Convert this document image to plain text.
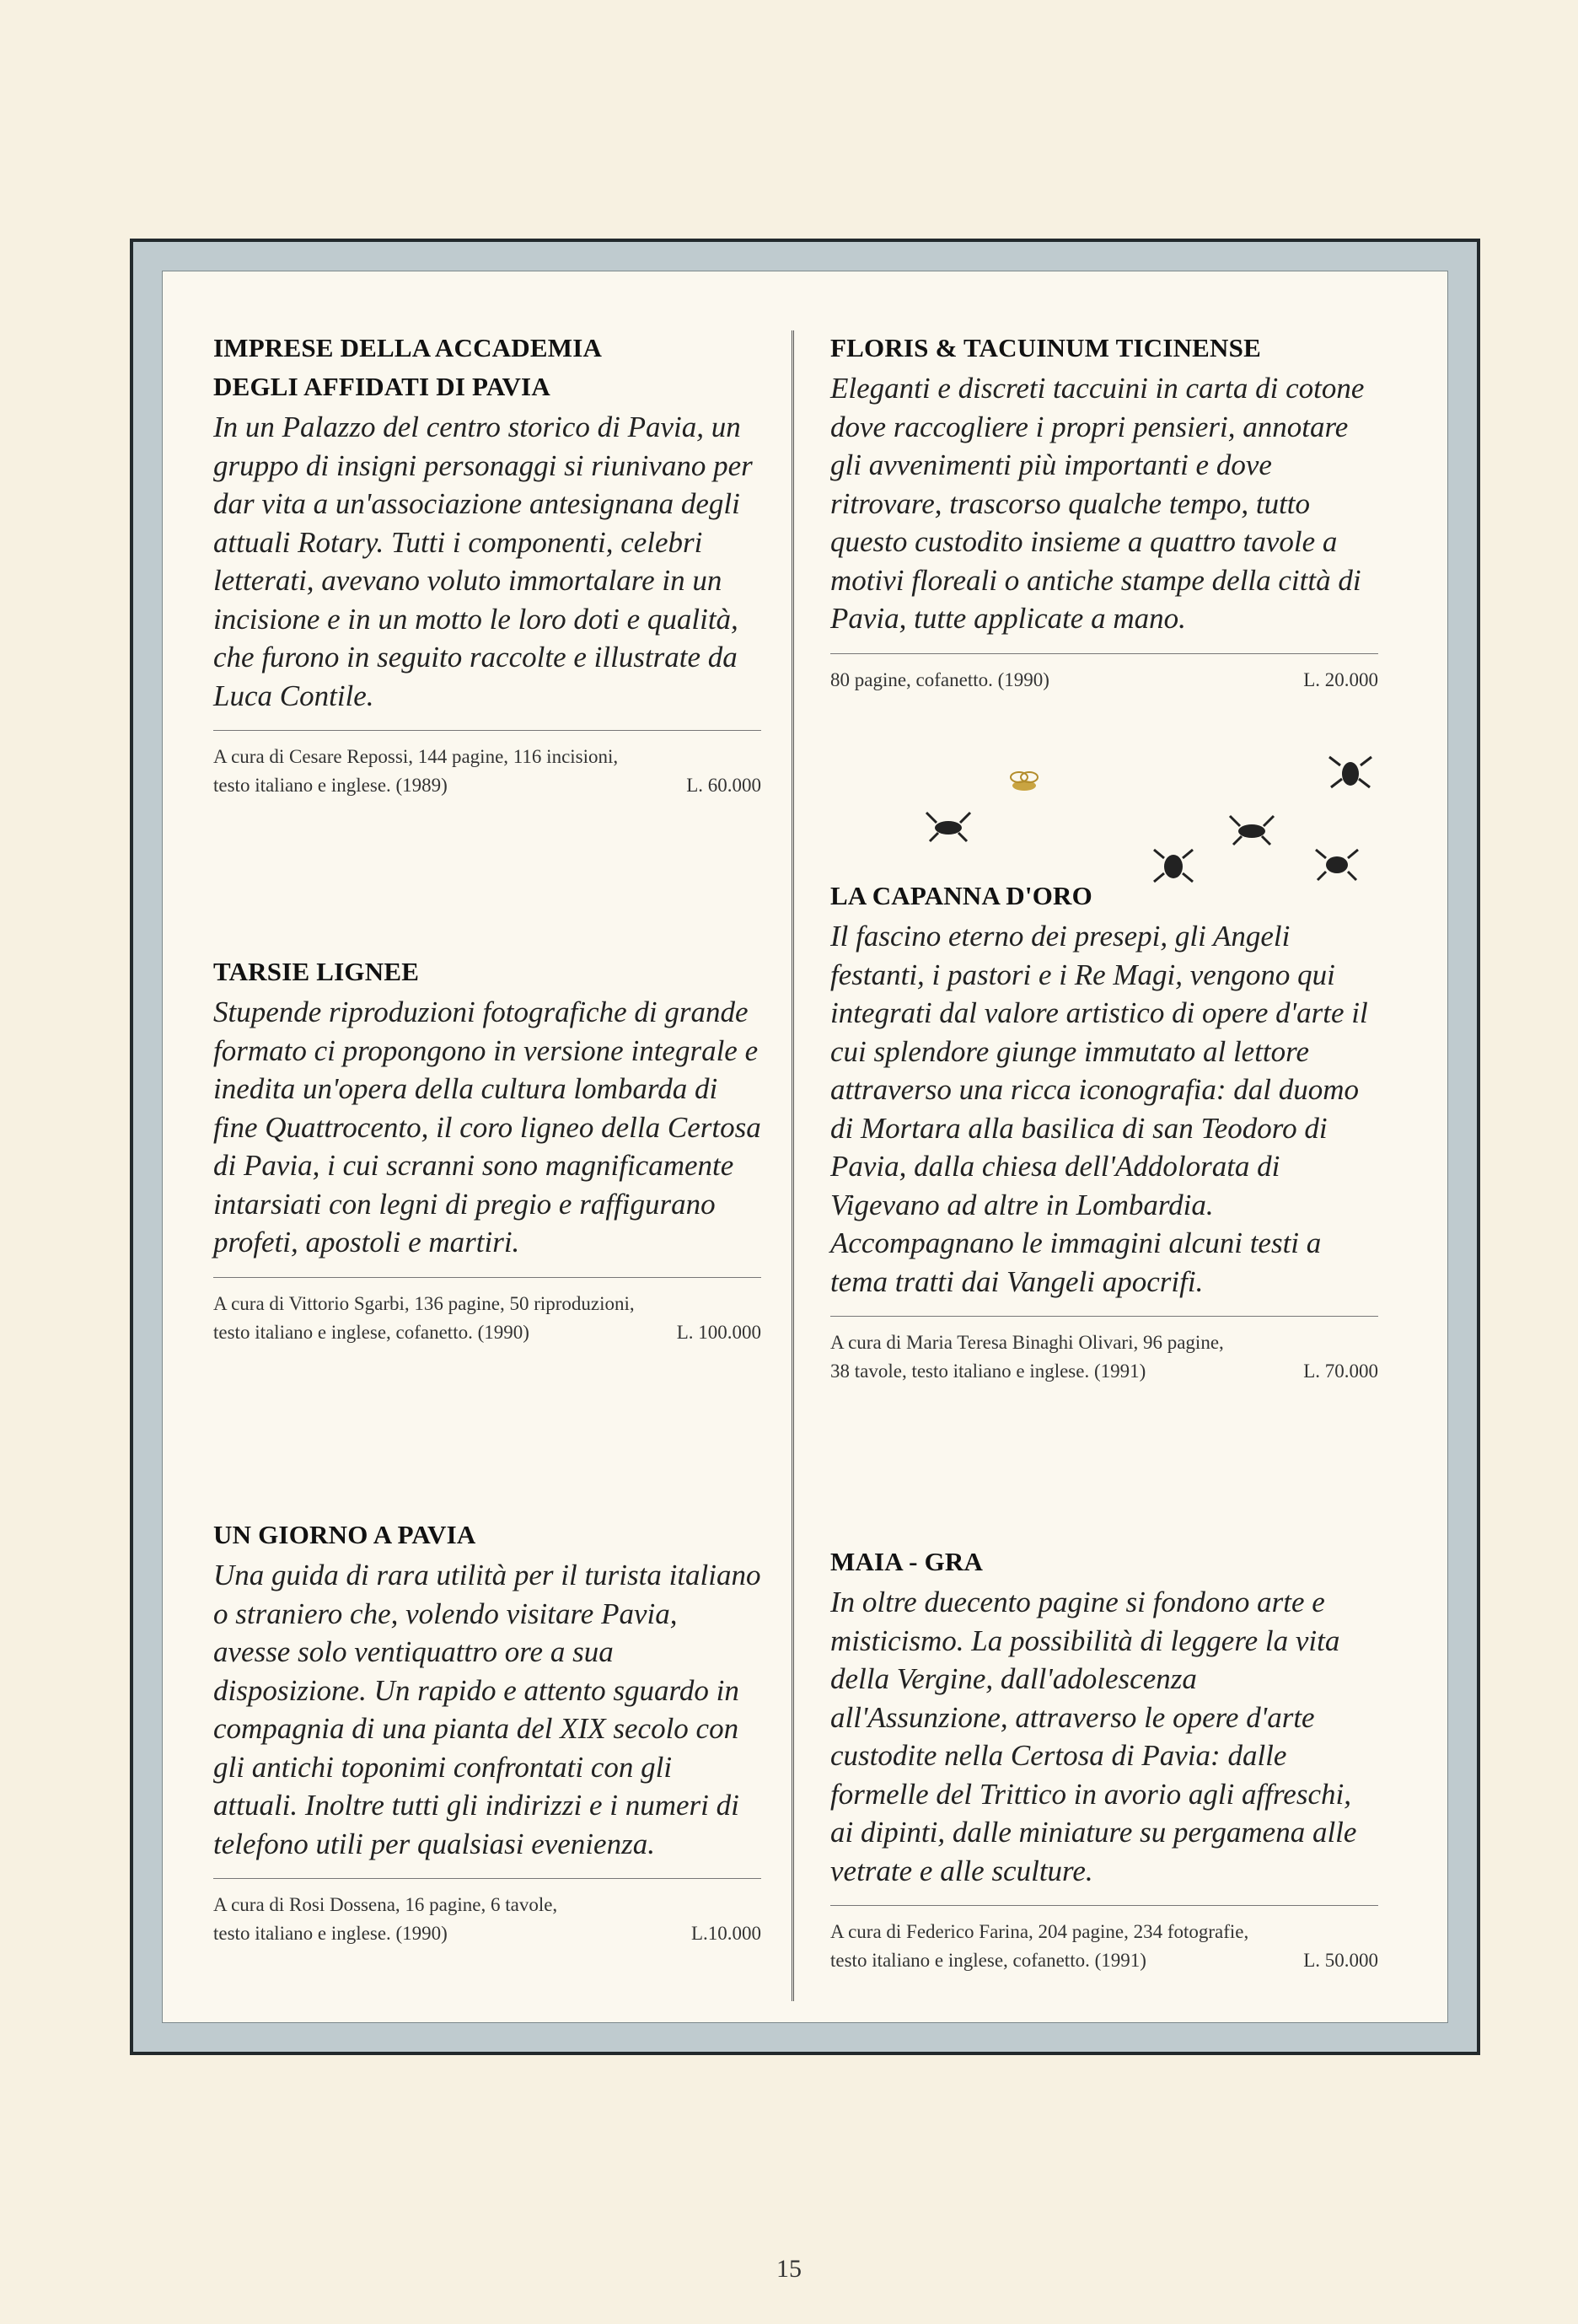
IMPRESE DELLA ACCADEMIA
DEGLI AFFIDATI DI PAVIA

In un Palazzo del centro storico di Pavia, un gruppo di insigni personaggi si riunivano per dar vita a un'associazione antesignana degli attuali Rotary. Tutti i componenti, celebri letterati, avevano voluto immortalare in un incisione e in un motto le loro doti e qualità, che furono in seguito raccolte e illustrate da Luca Contile.

A cura di Cesare Repossi, 144 pagine, 116 incisioni,
testo italiano e inglese. (1989)	L. 60.000
TARSIE LIGNEE

Stupende riproduzioni fotografiche di grande formato ci propongono in versione integrale e inedita un'opera della cultura lombarda di fine Quattrocento, il coro ligneo della Certosa di Pavia, i cui scranni sono magnificamente intarsiati con legni di pregio e raffigurano profeti, apostoli e martiri.

A cura di Vittorio Sgarbi, 136 pagine, 50 riproduzioni,
testo italiano e inglese, cofanetto. (1990)	L. 100.000
UN GIORNO A PAVIA

Una guida di rara utilità per il turista italiano o straniero che, volendo visitare Pavia, avesse solo ventiquattro ore a sua disposizione. Un rapido e attento sguardo in compagnia di una pianta del XIX secolo con gli antichi toponimi confrontati con gli attuali. Inoltre tutti gli indirizzi e i numeri di telefono utili per qualsiasi evenienza.

A cura di Rosi Dossena, 16 pagine, 6 tavole,
testo italiano e inglese. (1990)	L.10.000
FLORIS & TACUINUM TICINENSE

Eleganti e discreti taccuini in carta di cotone dove raccogliere i propri pensieri, annotare gli avvenimenti più importanti e dove ritrovare, trascorso qualche tempo, tutto questo custodito insieme a quattro tavole a motivi floreali o antiche stampe della città di Pavia, tutte applicate a mano.

80 pagine, cofanetto. (1990)	L. 20.000
LA CAPANNA D'ORO

Il fascino eterno dei presepi, gli Angeli festanti, i pastori e i Re Magi, vengono qui integrati dal valore artistico di opere d'arte il cui splendore giunge immutato al lettore attraverso una ricca iconografia: dal duomo di Mortara alla basilica di san Teodoro di Pavia, dalla chiesa dell'Addolorata di Vigevano ad altre in Lombardia. Accompagnano le immagini alcuni testi a tema tratti dai Vangeli apocrifi.

A cura di Maria Teresa Binaghi Olivari, 96 pagine,
38 tavole, testo italiano e inglese. (1991)	L. 70.000
MAIA - GRA

In oltre duecento pagine si fondono arte e misticismo. La possibilità di leggere la vita della Vergine, dall'adolescenza all'Assunzione, attraverso le opere d'arte custodite nella Certosa di Pavia: dalle formelle del Trittico in avorio agli affreschi, ai dipinti, dalle miniature su pergamena alle vetrate e alle sculture.

A cura di Federico Farina, 204 pagine, 234 fotografie,
testo italiano e inglese, cofanetto. (1991)	L. 50.000
15
